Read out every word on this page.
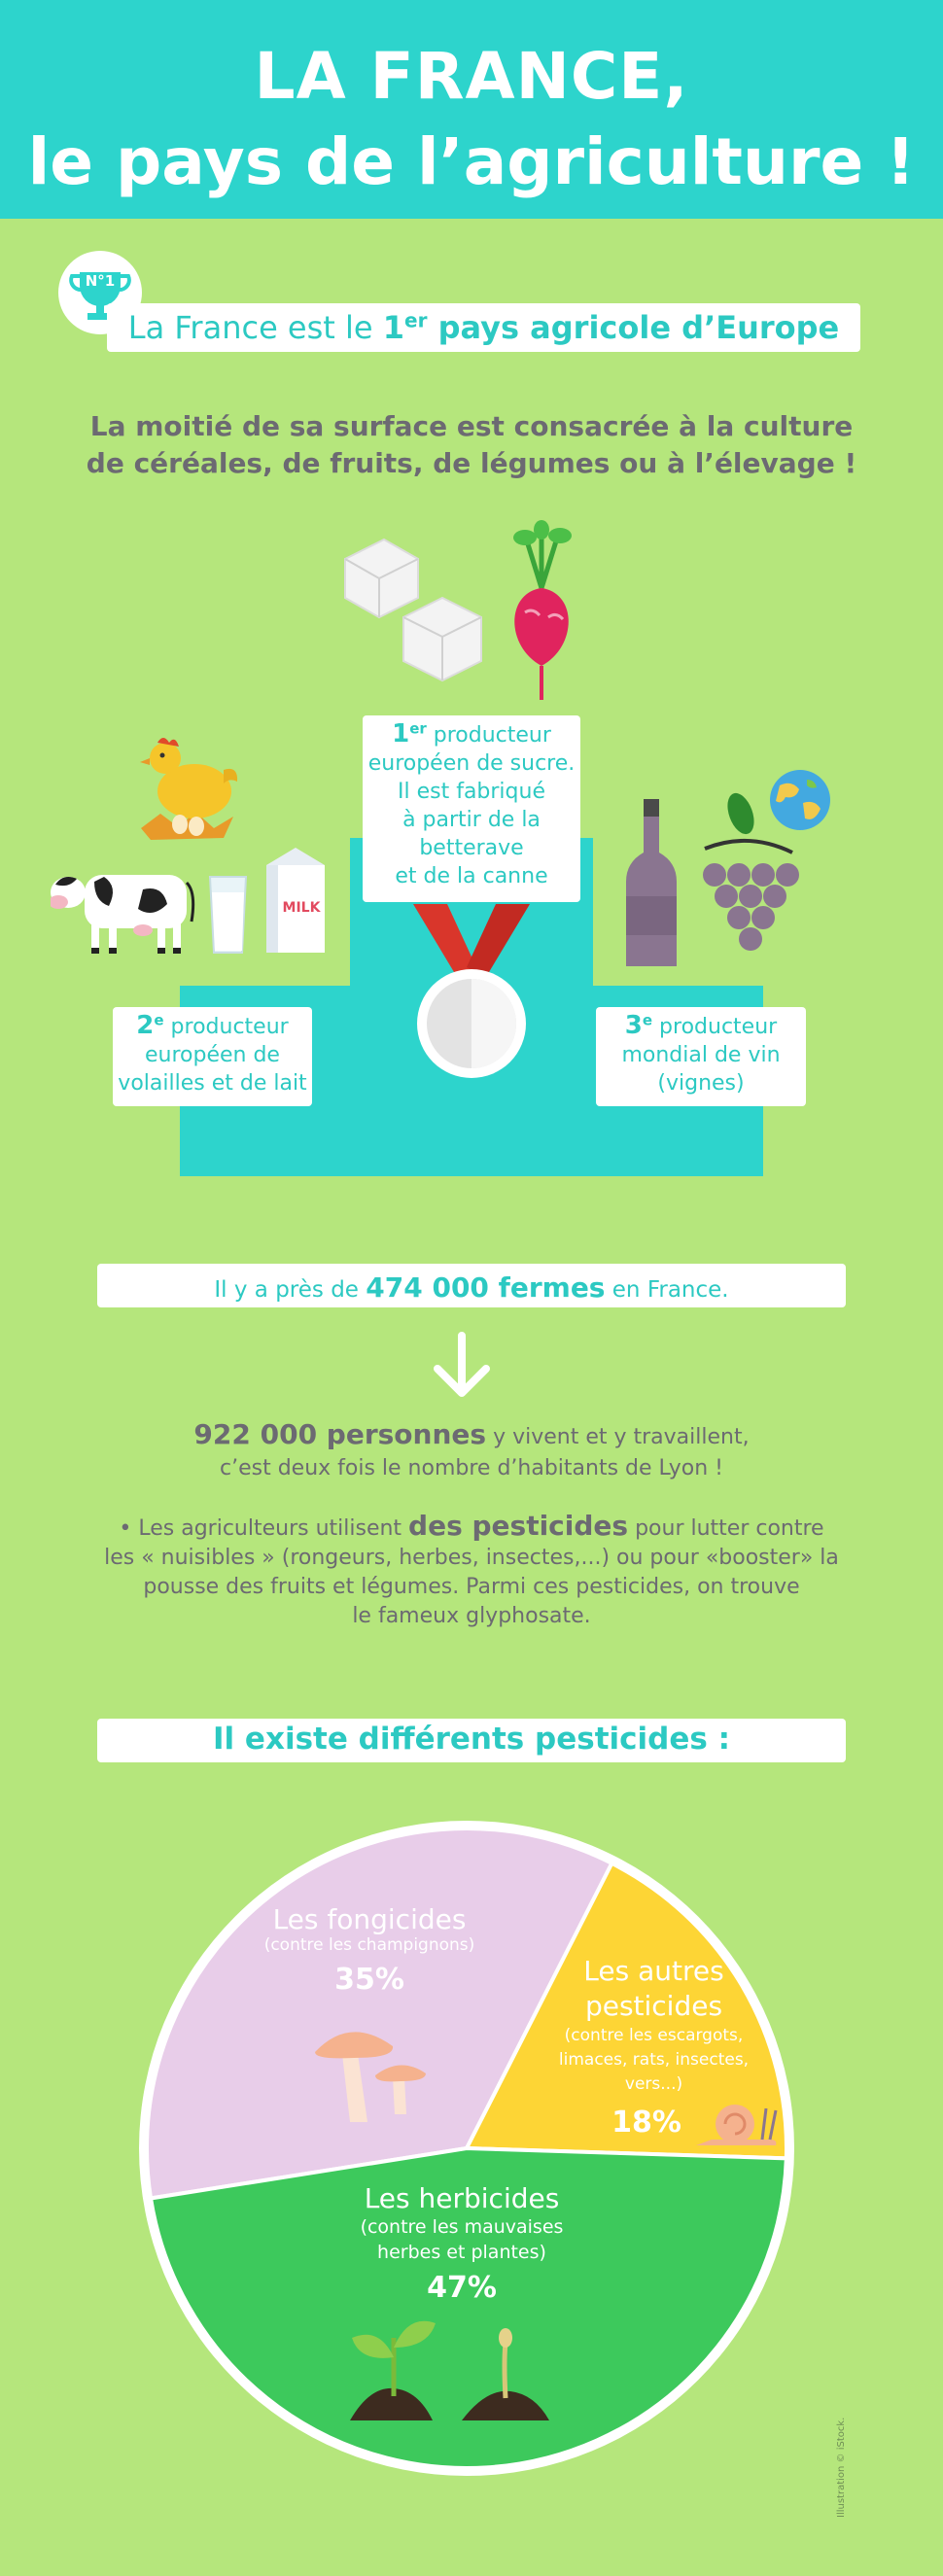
LA FRANCE,
le pays de l’agriculture !
N°1
La France est le 1er pays agricole d’Europe
La moitié de sa surface est consacrée à la culture
de céréales, de fruits, de légumes ou à l’élevage !
1er producteur
européen de sucre.
Il est fabriqué
à partir de la
betterave
et de la canne
MILK
2e producteur
européen de
volailles et de lait
3e producteur
mondial de vin
(vignes)
Il y a près de 474 000 fermes en France.
922 000 personnes y vivent et y travaillent,
c’est deux fois le nombre d’habitants de Lyon !
• Les agriculteurs utilisent des pesticides pour lutter contre
les « nuisibles » (rongeurs, herbes, insectes,...) ou pour «booster» la
pousse des fruits et légumes. Parmi ces pesticides, on trouve
le fameux glyphosate.
Il existe différents pesticides :
Les fongicides
(contre les champignons)
35%	Les autres
pesticides
(contre les escargots,
limaces, rats, insectes,
vers...)
18%
Les herbicides
(contre les mauvaises
herbes et plantes)
47%
Illustration © iStock.
